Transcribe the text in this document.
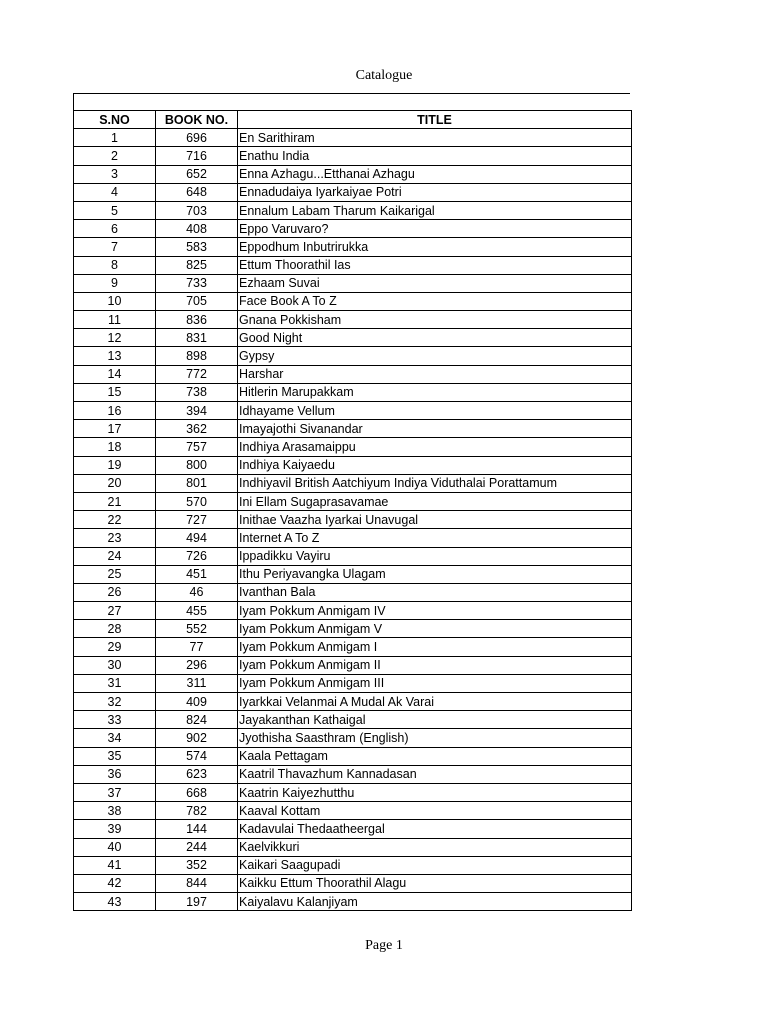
Catalogue
S.NO	BOOK NO.	TITLE
1	696	En Sarithiram
2	716	Enathu India
3	652	Enna Azhagu...Etthanai Azhagu
4	648	Ennadudaiya Iyarkaiyae Potri
5	703	Ennalum Labam Tharum Kaikarigal
6	408	Eppo Varuvaro?
7	583	Eppodhum Inbutrirukka
8	825	Ettum Thoorathil Ias
9	733	Ezhaam Suvai
10	705	Face Book A To Z
11	836	Gnana Pokkisham
12	831	Good Night
13	898	Gypsy
14	772	Harshar
15	738	Hitlerin Marupakkam
16	394	Idhayame Vellum
17	362	Imayajothi Sivanandar
18	757	Indhiya Arasamaippu
19	800	Indhiya Kaiyaedu
20	801	Indhiyavil British Aatchiyum Indiya Viduthalai Porattamum
21	570	Ini Ellam Sugaprasavamae
22	727	Inithae Vaazha Iyarkai Unavugal
23	494	Internet A To Z
24	726	Ippadikku Vayiru
25	451	Ithu Periyavangka Ulagam
26	46	Ivanthan Bala
27	455	Iyam Pokkum Anmigam IV
28	552	Iyam Pokkum Anmigam V
29	77	Iyam Pokkum Anmigam I
30	296	Iyam Pokkum Anmigam II
31	311	Iyam Pokkum Anmigam III
32	409	Iyarkkai Velanmai A Mudal Ak Varai
33	824	Jayakanthan Kathaigal
34	902	Jyothisha Saasthram (English)
35	574	Kaala Pettagam
36	623	Kaatril Thavazhum Kannadasan
37	668	Kaatrin Kaiyezhutthu
38	782	Kaaval Kottam
39	144	Kadavulai Thedaatheergal
40	244	Kaelvikkuri
41	352	Kaikari Saagupadi
42	844	Kaikku Ettum Thoorathil Alagu
43	197	Kaiyalavu Kalanjiyam
Page 1
